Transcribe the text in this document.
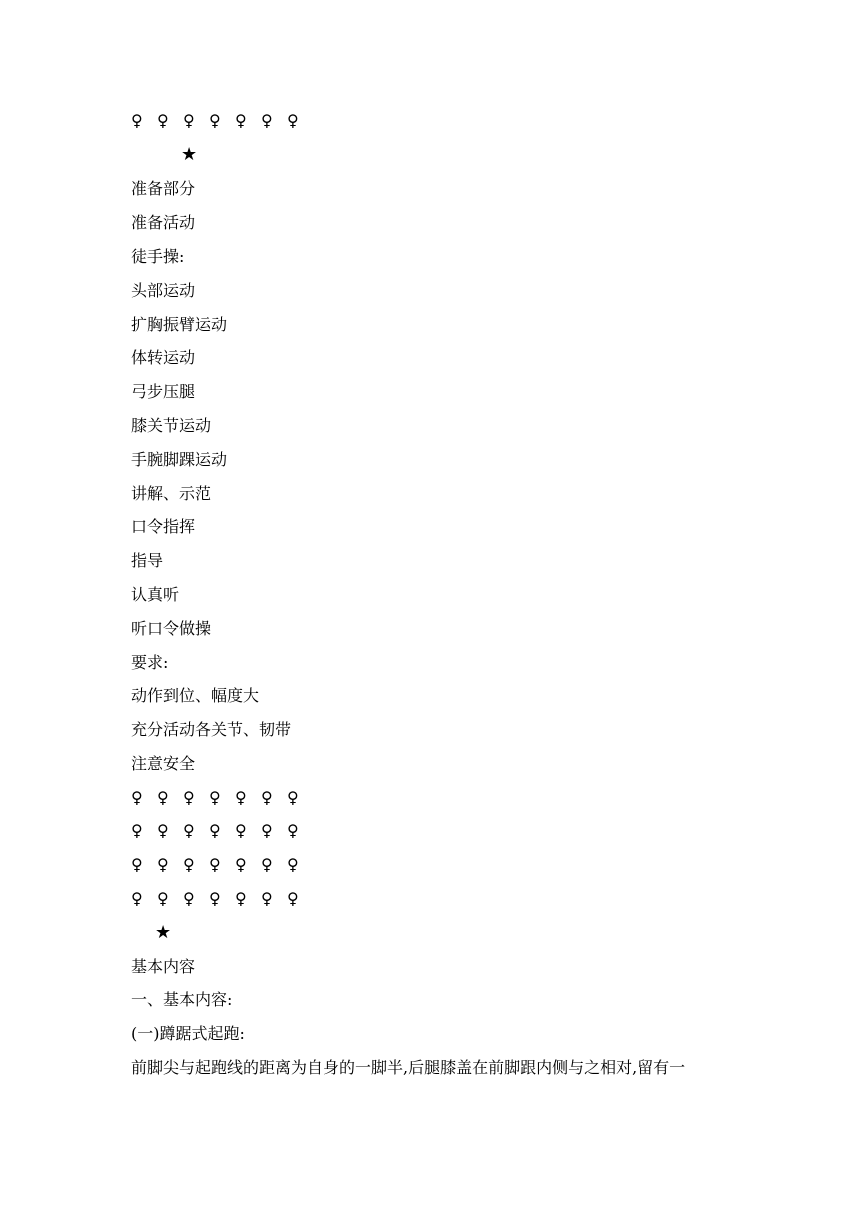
♀ ♀ ♀ ♀ ♀ ♀ ♀
★
准备部分
准备活动
徒手操:
头部运动
扩胸振臂运动
体转运动
弓步压腿
膝关节运动
手腕脚踝运动
讲解、示范
口令指挥
指导
认真听
听口令做操
要求:
动作到位、幅度大
充分活动各关节、韧带
注意安全
♀ ♀ ♀ ♀ ♀ ♀ ♀
♀ ♀ ♀ ♀ ♀ ♀ ♀
♀ ♀ ♀ ♀ ♀ ♀ ♀
♀ ♀ ♀ ♀ ♀ ♀ ♀
★
基本内容
一、基本内容:
(一)蹲踞式起跑:
前脚尖与起跑线的距离为自身的一脚半,后腿膝盖在前脚跟内侧与之相对,留有一
